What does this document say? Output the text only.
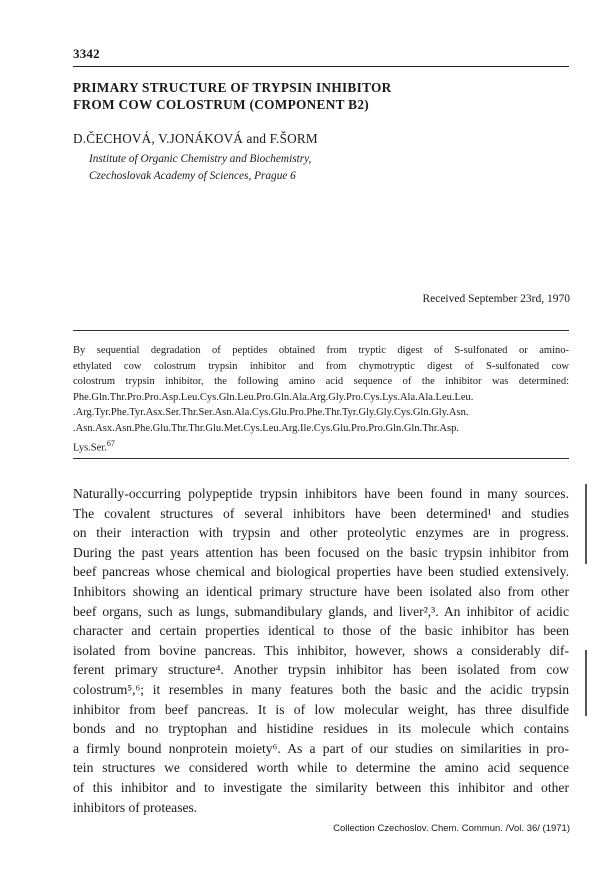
3342
PRIMARY STRUCTURE OF TRYPSIN INHIBITOR
FROM COW COLOSTRUM (COMPONENT B2)
D.ČECHOVÁ, V.JONÁKOVÁ and F.ŠORM
Institute of Organic Chemistry and Biochemistry,
Czechoslovak Academy of Sciences, Prague 6
Received September 23rd, 1970
By sequential degradation of peptides obtained from tryptic digest of S-sulfonated or amino-
ethylated cow colostrum trypsin inhibitor and from chymotryptic digest of S-sulfonated cow
colostrum trypsin inhibitor, the following amino acid sequence of the inhibitor was determined:
Phe.Gln.Thr.Pro.Pro.Asp.Leu.Cys.Gln.Leu.Pro.Gln.Ala.Arg.Gly.Pro.Cys.Lys.Ala.Ala.Leu.Leu.
.Arg.Tyr.Phe.Tyr.Asx.Ser.Thr.Ser.Asn.Ala.Cys.Glu.Pro.Phe.Thr.Tyr.Gly.Gly.Cys.Gln.Gly.Asn.
.Asn.Asx.Asn.Phe.Glu.Thr.Thr.Glu.Met.Cys.Leu.Arg.Ile.Cys.Glu.Pro.Pro.Gln.Gln.Thr.Asp.
Lys.Ser.$^{67}$
Naturally-occurring polypeptide trypsin inhibitors have been found in many sources.
The covalent structures of several inhibitors have been determined¹ and studies
on their interaction with trypsin and other proteolytic enzymes are in progress.
During the past years attention has been focused on the basic trypsin inhibitor from
beef pancreas whose chemical and biological properties have been studied extensively.
Inhibitors showing an identical primary structure have been isolated also from other
beef organs, such as lungs, submandibulary glands, and liver²,³. An inhibitor of acidic
character and certain properties identical to those of the basic inhibitor has been
isolated from bovine pancreas. This inhibitor, however, shows a considerably dif-
ferent primary structure⁴. Another trypsin inhibitor has been isolated from cow
colostrum⁵,⁶; it resembles in many features both the basic and the acidic trypsin
inhibitor from beef pancreas. It is of low molecular weight, has three disulfide
bonds and no tryptophan and histidine residues in its molecule which contains
a firmly bound nonprotein moiety⁶. As a part of our studies on similarities in pro-
tein structures we considered worth while to determine the amino acid sequence
of this inhibitor and to investigate the similarity between this inhibitor and other
inhibitors of proteases.
Collection Czechoslov. Chem. Commun. /Vol. 36/ (1971)
